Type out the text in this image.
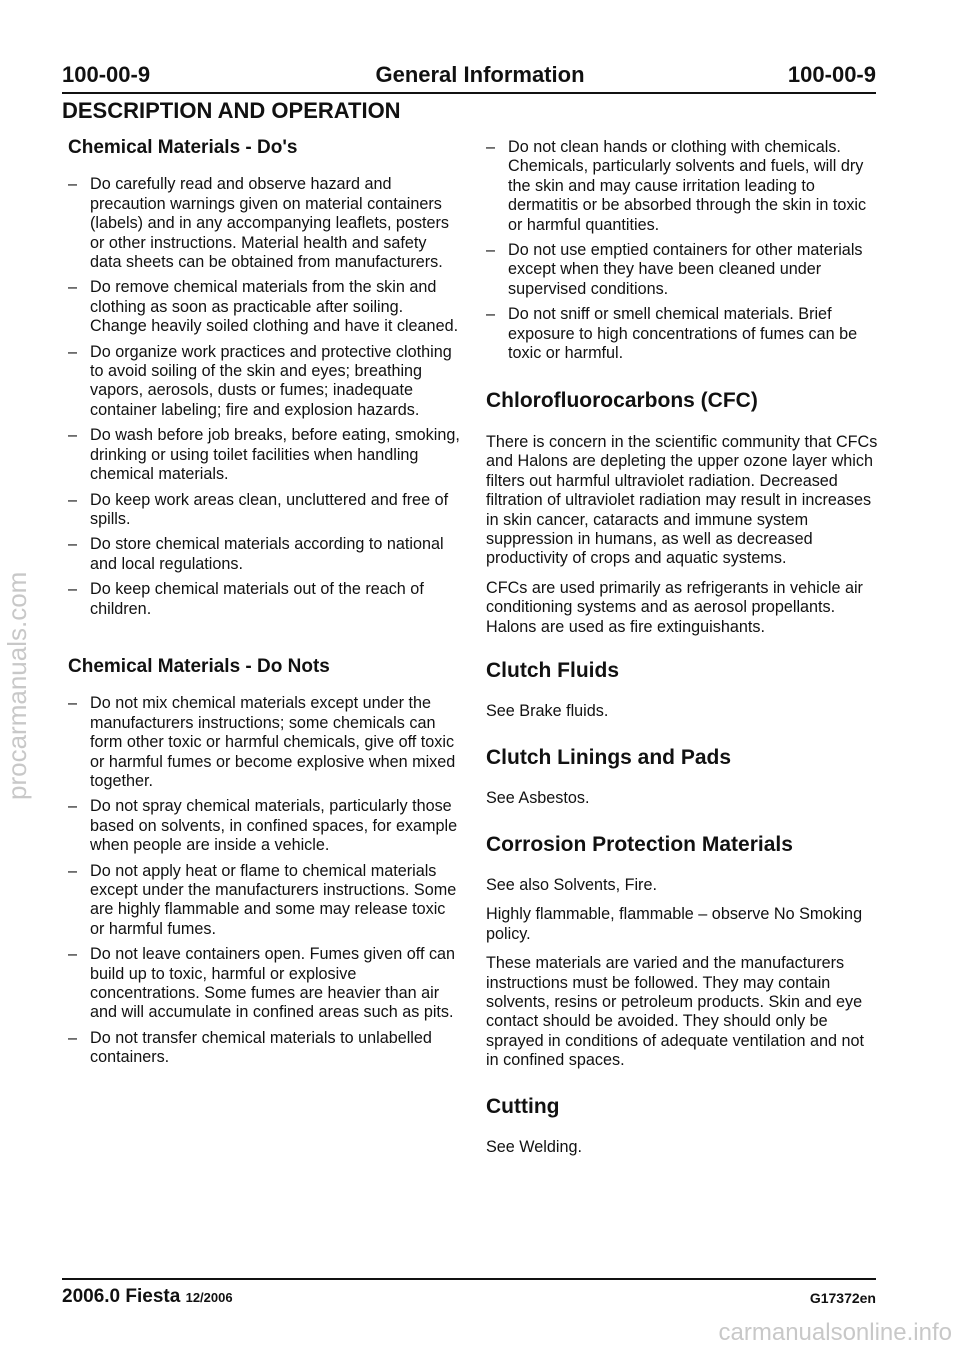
100-00-9	General Information	100-00-9
DESCRIPTION AND OPERATION
Chemical Materials - Do's
– Do carefully read and observe hazard and precaution warnings given on material containers (labels) and in any accompanying leaflets, posters or other instructions. Material health and safety data sheets can be obtained from manufacturers.
– Do remove chemical materials from the skin and clothing as soon as practicable after soiling. Change heavily soiled clothing and have it cleaned.
– Do organize work practices and protective clothing to avoid soiling of the skin and eyes; breathing vapors, aerosols, dusts or fumes; inadequate container labeling; fire and explosion hazards.
– Do wash before job breaks, before eating, smoking, drinking or using toilet facilities when handling chemical materials.
– Do keep work areas clean, uncluttered and free of spills.
– Do store chemical materials according to national and local regulations.
– Do keep chemical materials out of the reach of children.
Chemical Materials - Do Nots
– Do not mix chemical materials except under the manufacturers instructions; some chemicals can form other toxic or harmful chemicals, give off toxic or harmful fumes or become explosive when mixed together.
– Do not spray chemical materials, particularly those based on solvents, in confined spaces, for example when people are inside a vehicle.
– Do not apply heat or flame to chemical materials except under the manufacturers instructions. Some are highly flammable and some may release toxic or harmful fumes.
– Do not leave containers open. Fumes given off can build up to toxic, harmful or explosive concentrations. Some fumes are heavier than air and will accumulate in confined areas such as pits.
– Do not transfer chemical materials to unlabelled containers.
– Do not clean hands or clothing with chemicals. Chemicals, particularly solvents and fuels, will dry the skin and may cause irritation leading to dermatitis or be absorbed through the skin in toxic or harmful quantities.
– Do not use emptied containers for other materials except when they have been cleaned under supervised conditions.
– Do not sniff or smell chemical materials. Brief exposure to high concentrations of fumes can be toxic or harmful.
Chlorofluorocarbons (CFC)

There is concern in the scientific community that CFCs and Halons are depleting the upper ozone layer which filters out harmful ultraviolet radiation. Decreased filtration of ultraviolet radiation may result in increases in skin cancer, cataracts and immune system suppression in humans, as well as decreased productivity of crops and aquatic systems.

CFCs are used primarily as refrigerants in vehicle air conditioning systems and as aerosol propellants. Halons are used as fire extinguishants.

Clutch Fluids

See Brake fluids.

Clutch Linings and Pads

See Asbestos.

Corrosion Protection Materials

See also Solvents, Fire.

Highly flammable, flammable – observe No Smoking policy.

These materials are varied and the manufacturers instructions must be followed. They may contain solvents, resins or petroleum products. Skin and eye contact should be avoided. They should only be sprayed in conditions of adequate ventilation and not in confined spaces.

Cutting

See Welding.

2006.0 Fiesta 12/2006	G17372en
procarmanuals.com
carmanualsonline.info
